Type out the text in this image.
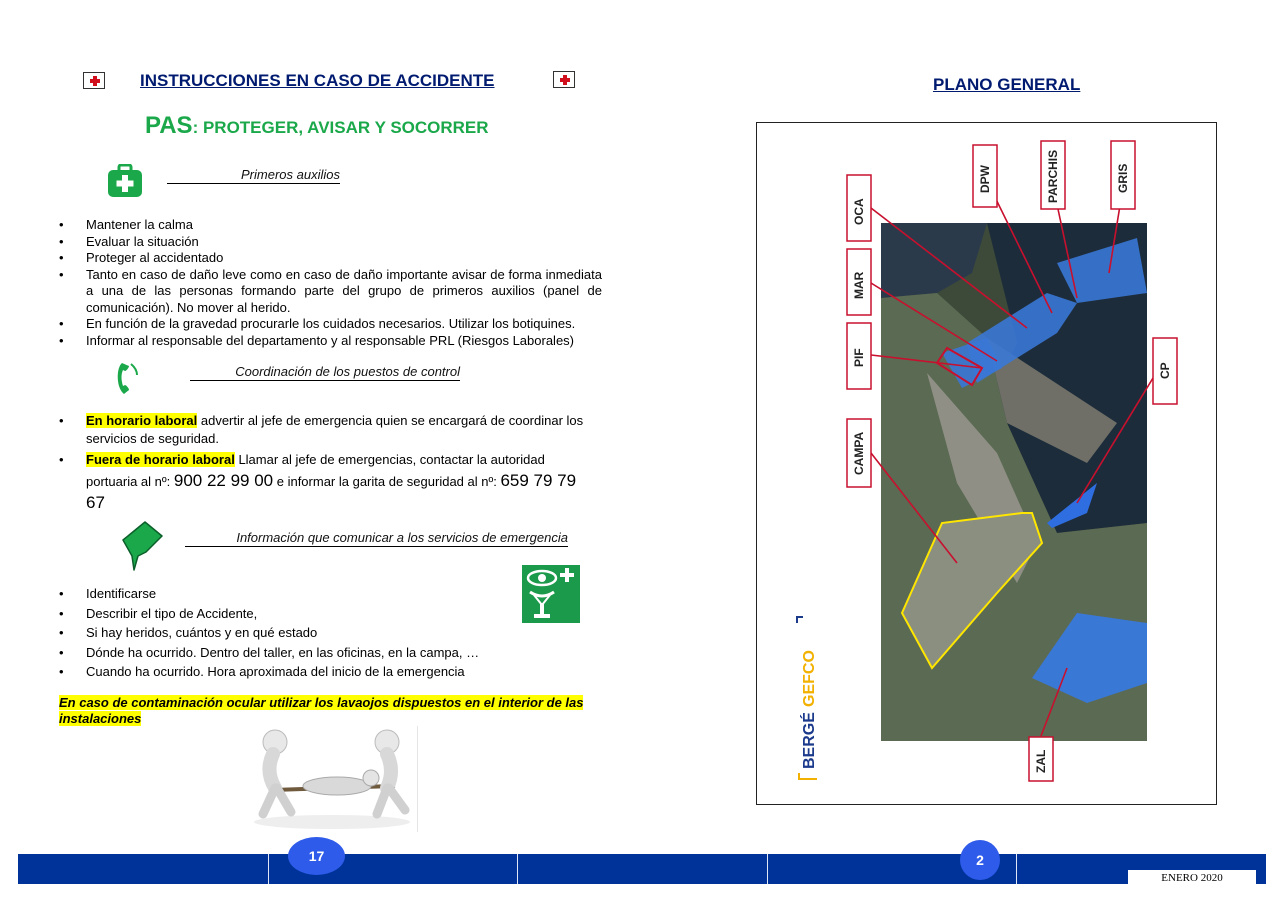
INSTRUCCIONES EN CASO DE ACCIDENTE
PAS: PROTEGER, AVISAR Y SOCORRER
Primeros auxilios
• Mantener la calma
• Evaluar la situación
• Proteger al accidentado
• Tanto en caso de daño leve como en caso de daño importante avisar de forma inmediata a una de las personas formando parte del grupo de primeros auxilios (panel de comunicación). No mover al herido.
• En función de la gravedad procurarle los cuidados necesarios. Utilizar los botiquines.
• Informar al responsable del departamento y al responsable PRL (Riesgos Laborales)
Coordinación de los puestos de control
• En horario laboral advertir al jefe de emergencia quien se encargará de coordinar los servicios de seguridad.
• Fuera de horario laboral Llamar al jefe de emergencias, contactar la autoridad portuaria al nº: 900 22 99 00 e informar la garita de seguridad al nº: 659 79 79 67
Información que comunicar a los servicios de emergencia
• Identificarse
• Describir el tipo de Accidente,
• Si hay heridos, cuántos y en qué estado
• Dónde ha ocurrido. Dentro del taller, en las oficinas, en la campa, …
• Cuando ha ocurrido. Hora aproximada del inicio de la emergencia
En caso de contaminación ocular utilizar los lavaojos dispuestos en el interior de las instalaciones
PLANO GENERAL
DPW	PARCHIS	GRIS
OCA
MAR
PIF
CP
CAMPA
ZAL
BERGÉ
GEFCO
17	2
ENERO 2020
